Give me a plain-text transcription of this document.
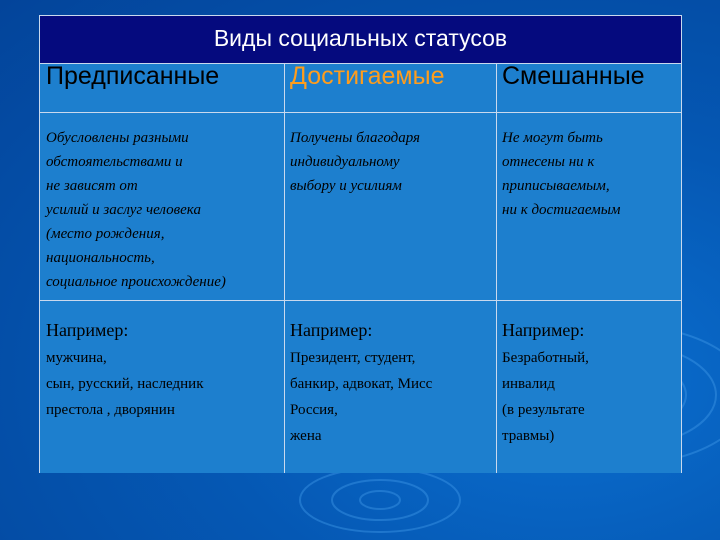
Виды социальных статусов
Предписанные
Обусловлены разными
обстоятельствами и
не зависят от
усилий и заслуг человека
(место рождения,
национальность,
социальное происхождение)
Например:
мужчина,
сын, русский, наследник
престола , дворянин
Достигаемые
Получены благодаря
индивидуальному
выбору и усилиям
Например:
Президент, студент,
банкир, адвокат, Мисс
Россия,
жена
Смешанные
Не могут быть
отнесены ни к
приписываемым,
ни к достигаемым
Например:
Безработный,
инвалид
(в результате
травмы)
